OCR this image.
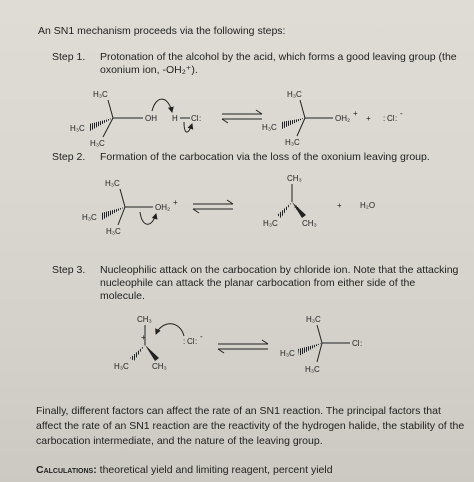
An SN1 mechanism proceeds via the following steps:
Step 1. Protonation of the alcohol by the acid, which forms a good leaving group (the
oxonium ion, -OH₂⁺).
Step 2. Formation of the carbocation via the loss of the oxonium leaving group.
Step 3. Nucleophilic attack on the carbocation by chloride ion. Note that the attacking
nucleophile can attack the planar carbocation from either side of the
molecule.
Finally, different factors can affect the rate of an SN1 reaction. The principal factors that
affect the rate of an SN1 reaction are the reactivity of the hydrogen halide, the stability of the
carbocation intermediate, and the nature of the leaving group.
Calculations: theoretical yield and limiting reagent, percent yield
H₃C
H₃C
H₃C
OH H Cl :
H₃C
H₃C
H₃C
OH₂
+
+ : Cl :
-
H₃C
H₃C
H₃C
OH₂
+
CH₃
+
H₃C	CH₃
+ H₂O
CH₃
+
H₃C	CH₃
: Cl :
-
H₃C
H₃C
H₃C
Cl :
